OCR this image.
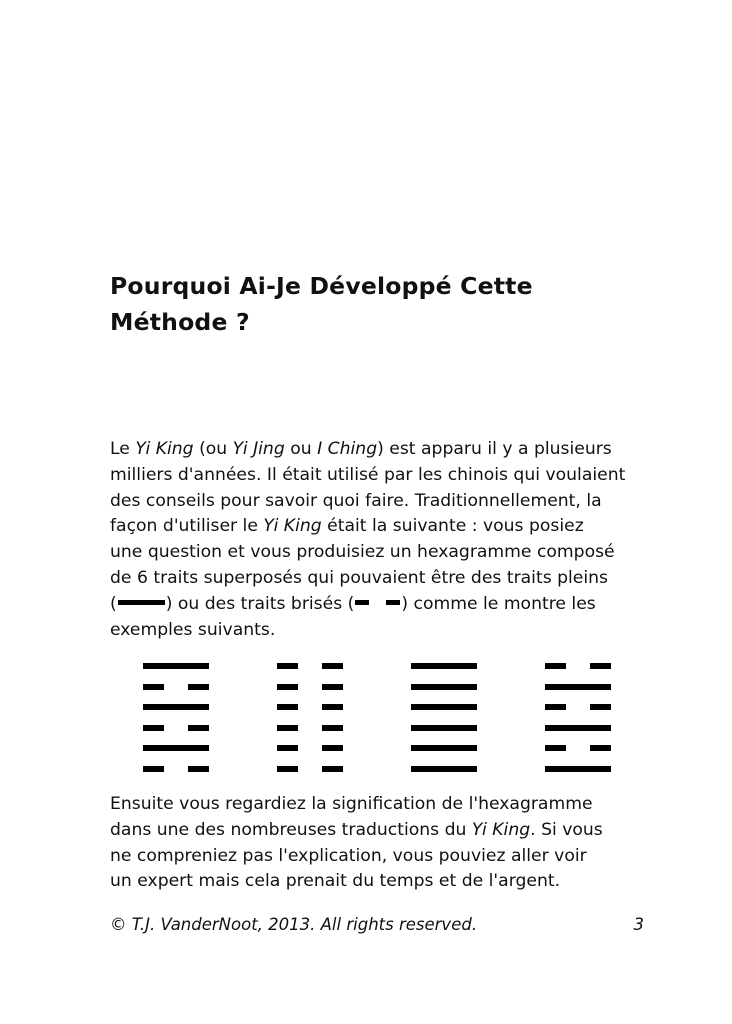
Pourquoi Ai-Je Développé Cette Méthode ?
Le Yi King (ou Yi Jing ou I Ching) est apparu il y a plusieurs
milliers d'années. Il était utilisé par les chinois qui voulaient
des conseils pour savoir quoi faire. Traditionnellement, la
façon d'utiliser le Yi King était la suivante : vous posiez
une question et vous produisiez un hexagramme composé
de 6 traits superposés qui pouvaient être des traits pleins
(	) ou des traits brisés (	) comme le montre les
exemples suivants.
Ensuite vous regardiez la signification de l'hexagramme
dans une des nombreuses traductions du Yi King. Si vous
ne compreniez pas l'explication, vous pouviez aller voir
un expert mais cela prenait du temps et de l'argent.
© T.J. VanderNoot, 2013. All rights reserved.	3
